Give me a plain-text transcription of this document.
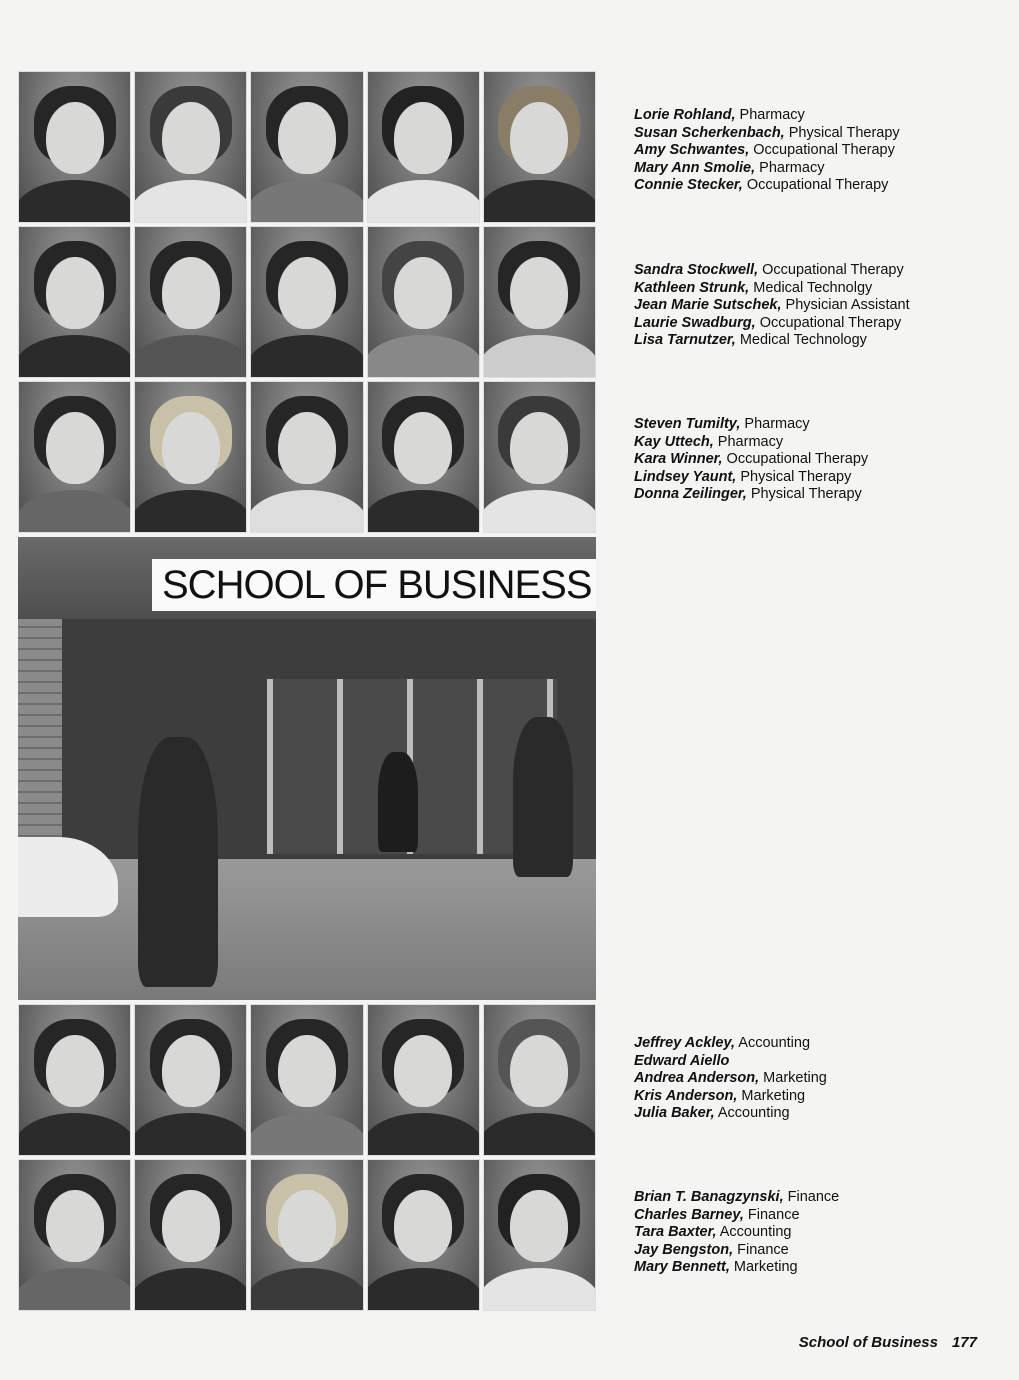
SCHOOL OF BUSINESS
Lorie Rohland, Pharmacy
Susan Scherkenbach, Physical Therapy
Amy Schwantes, Occupational Therapy
Mary Ann Smolie, Pharmacy
Connie Stecker, Occupational Therapy
Sandra Stockwell, Occupational Therapy
Kathleen Strunk, Medical Technolgy
Jean Marie Sutschek, Physician Assistant
Laurie Swadburg, Occupational Therapy
Lisa Tarnutzer, Medical Technology
Steven Tumilty, Pharmacy
Kay Uttech, Pharmacy
Kara Winner, Occupational Therapy
Lindsey Yaunt, Physical Therapy
Donna Zeilinger, Physical Therapy
Jeffrey Ackley, Accounting
Edward Aiello
Andrea Anderson, Marketing
Kris Anderson, Marketing
Julia Baker, Accounting
Brian T. Banagzynski, Finance
Charles Barney, Finance
Tara Baxter, Accounting
Jay Bengston, Finance
Mary Bennett, Marketing
School of Business 177
